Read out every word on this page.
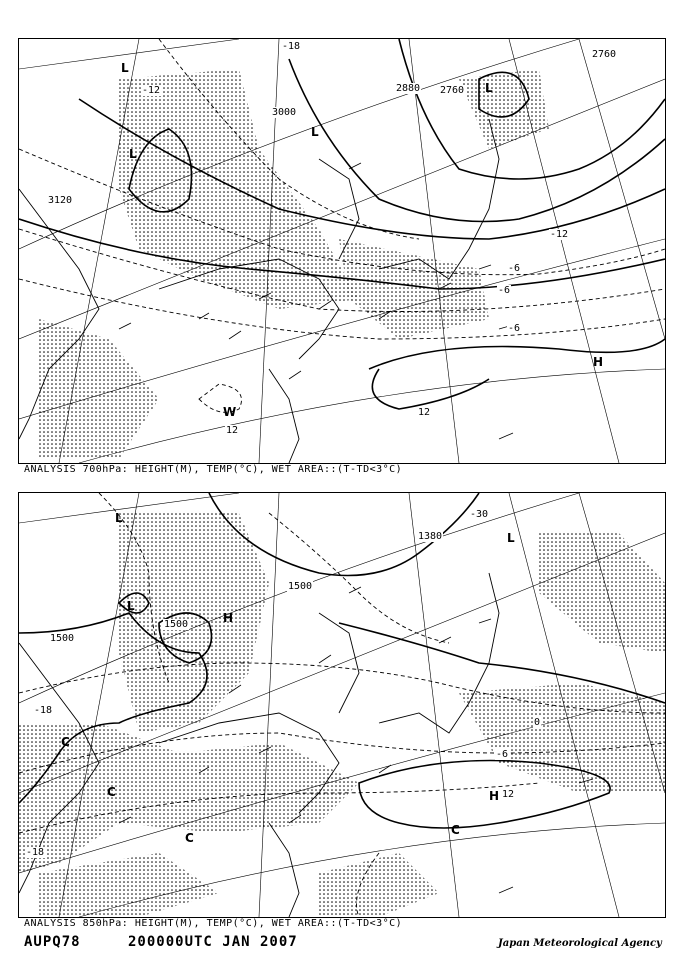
3120
3000
2880 2760
2760
-18
-12
-12
-6
-6
-6
12
12
L
L
L
L
H
W
ANALYSIS 700hPa: HEIGHT(M), TEMP(°C), WET AREA::(T-TD<3°C)
1500
1500
1500
1380
-18
-18
-30
-6
12
0
L
L
L
H
H
C
C
C
C
ANALYSIS 850hPa: HEIGHT(M), TEMP(°C), WET AREA::(T-TD<3°C)
AUPQ78	200000UTC JAN 2007	Japan Meteorological Agency
